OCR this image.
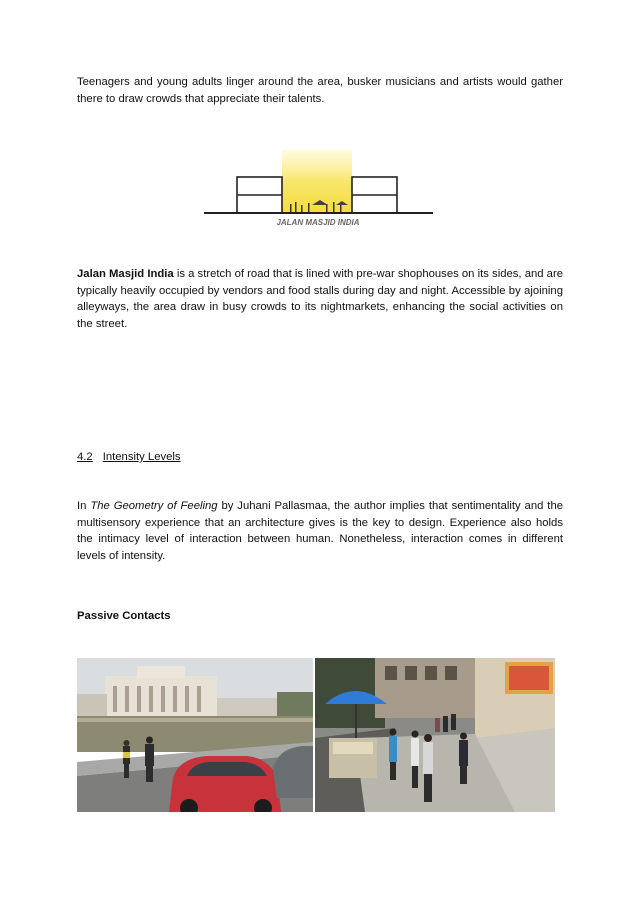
Teenagers and young adults linger around the area, busker musicians and artists would gather there to draw crowds that appreciate their talents.

JALAN MASJID INDIA

Jalan Masjid India is a stretch of road that is lined with pre-war shophouses on its sides, and are typically heavily occupied by vendors and food stalls during day and night. Accessible by ajoining alleyways, the area draw in busy crowds to its nightmarkets, enhancing the social activities on the street.

4.2 Intensity Levels

In The Geometry of Feeling by Juhani Pallasmaa, the author implies that sentimentality and the multisensory experience that an architecture gives is the key to design. Experience also holds the intimacy level of interaction between human. Nonetheless, interaction comes in different levels of intensity.

Passive Contacts
